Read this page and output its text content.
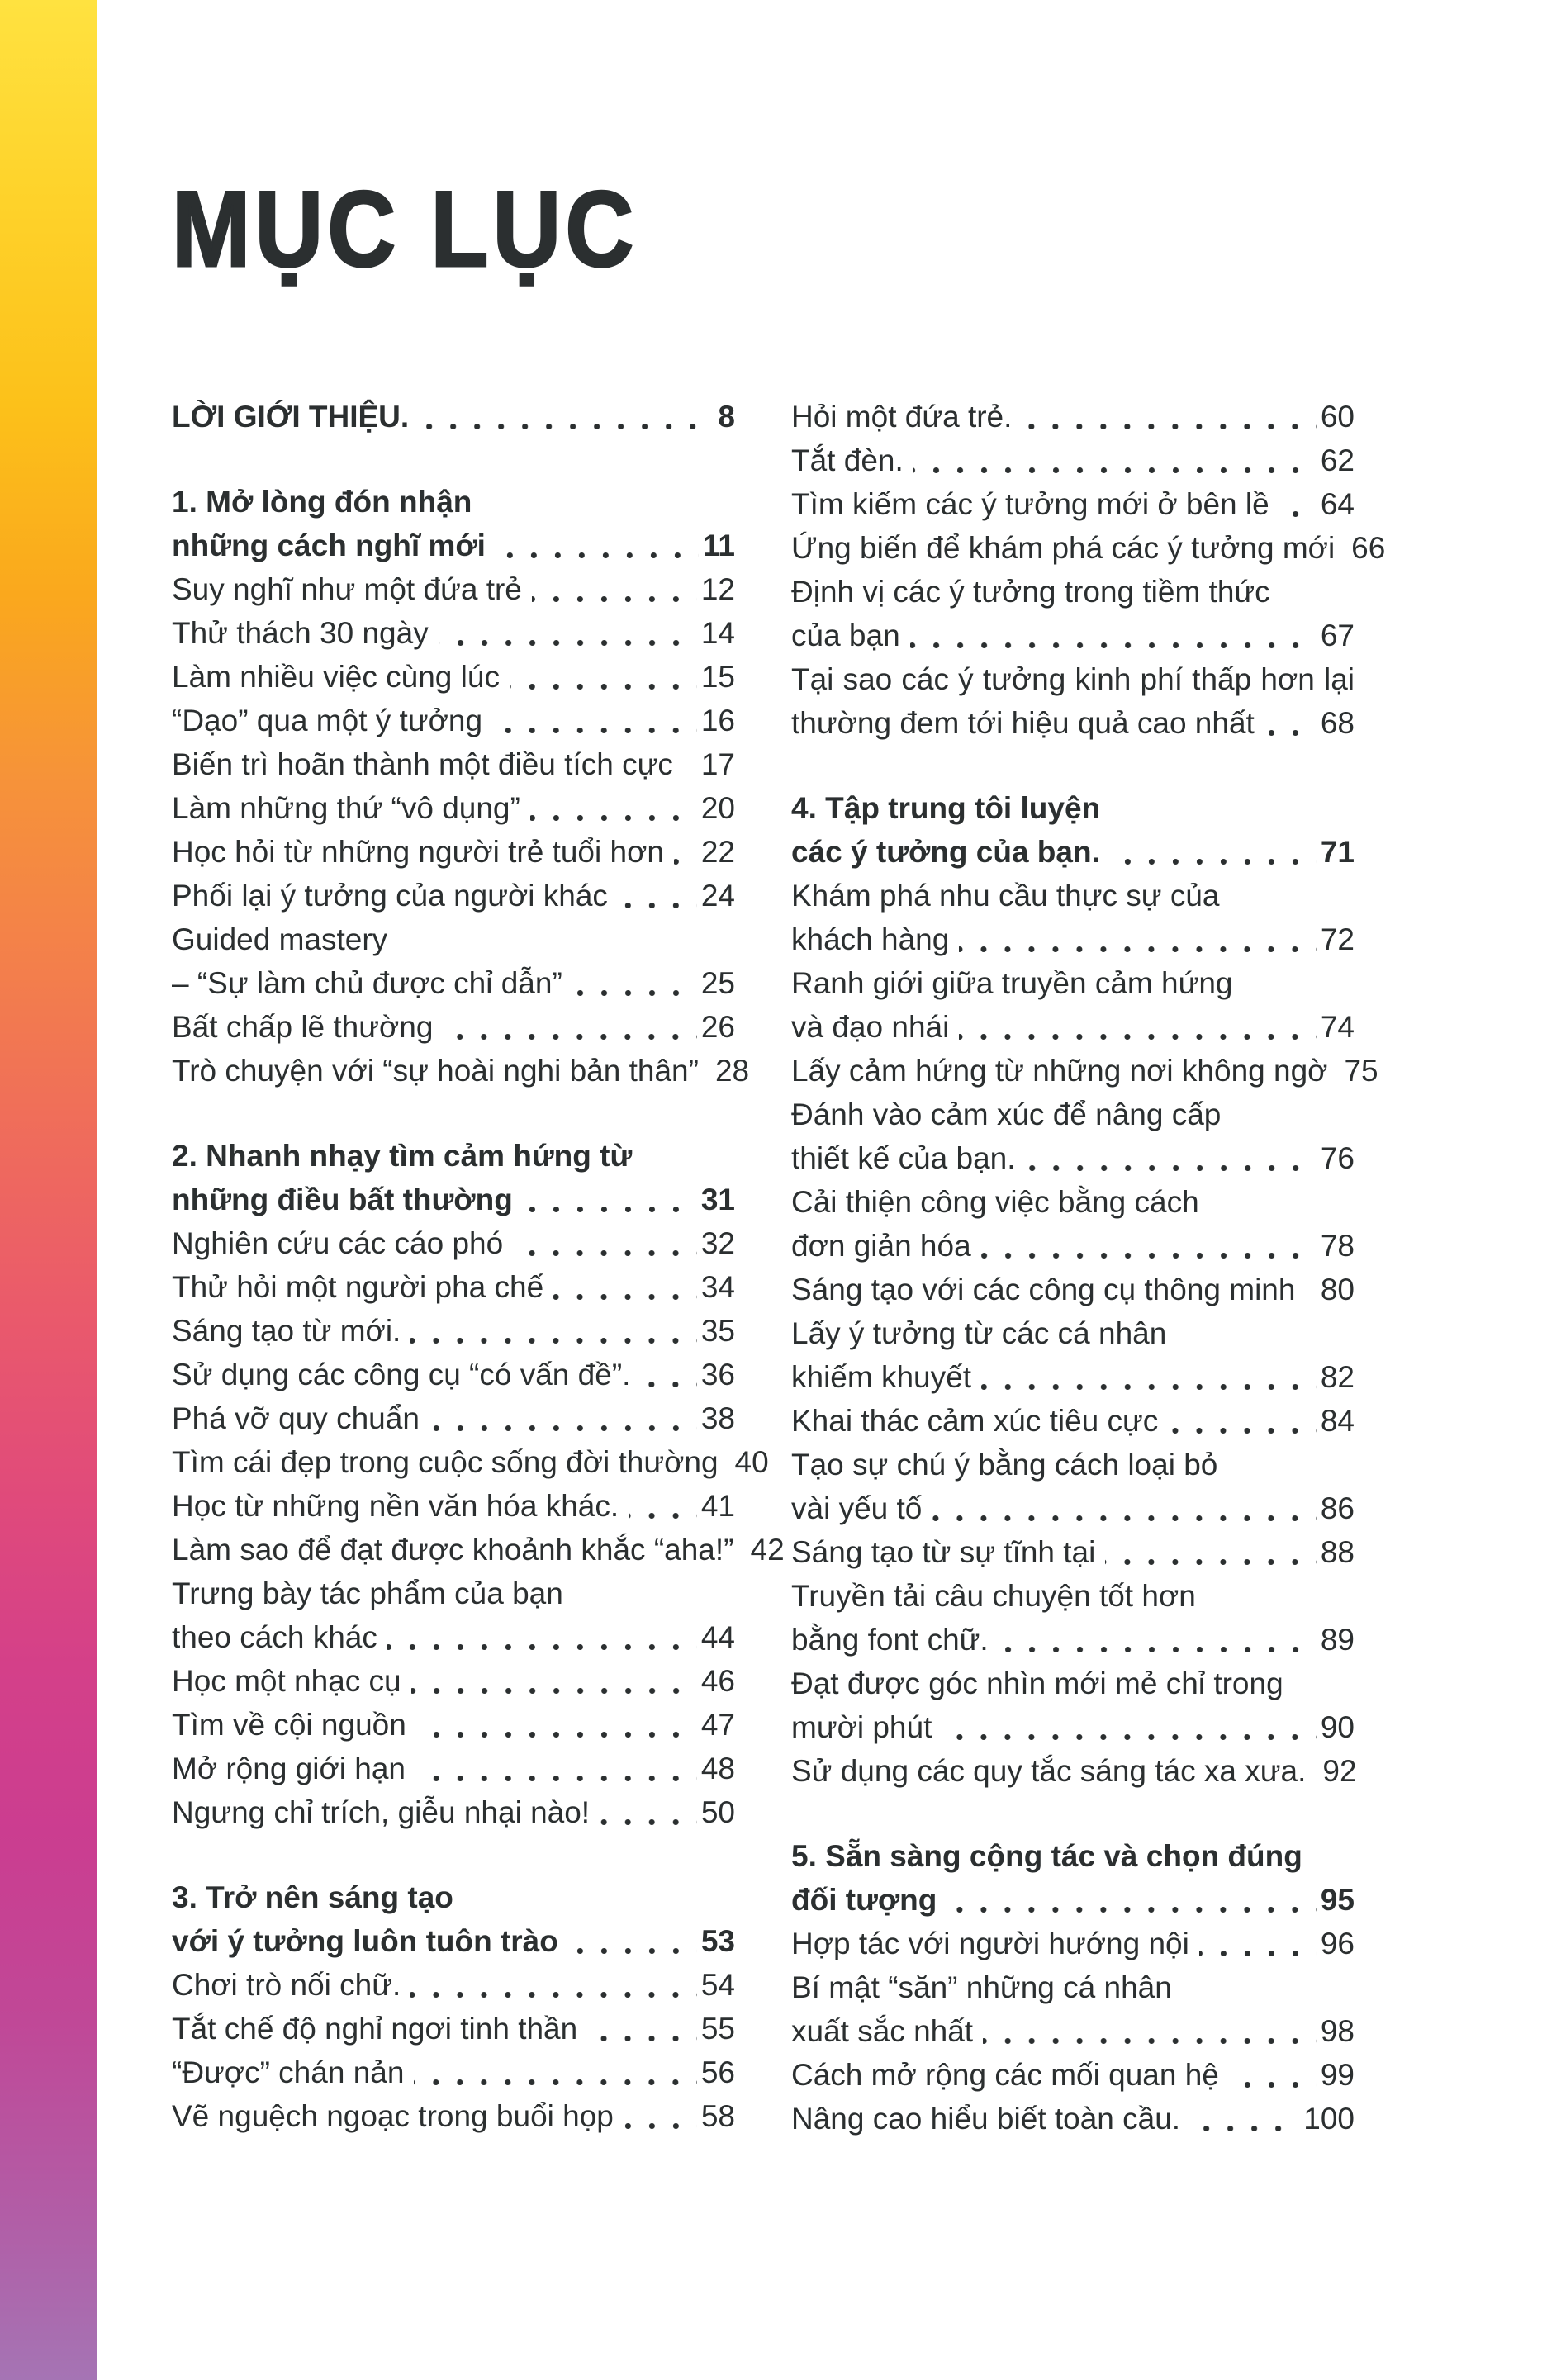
MỤC LỤC
LỜI GIỚI THIỆU.	8
1. Mở lòng đón nhận
những cách nghĩ mới	11
Suy nghĩ như một đứa trẻ	12
Thử thách 30 ngày	14
Làm nhiều việc cùng lúc	15
“Dạo” qua một ý tưởng	16
Biến trì hoãn thành một điều tích cực 17
Làm những thứ “vô dụng”	20
Học hỏi từ những người trẻ tuổi hơn 22
Phối lại ý tưởng của người khác	24
Guided mastery
– “Sự làm chủ được chỉ dẫn”	25
Bất chấp lẽ thường	26
Trò chuyện với “sự hoài nghi bản thân” 28
2. Nhanh nhạy tìm cảm hứng từ
những điều bất thường	31
Nghiên cứu các cáo phó	32
Thử hỏi một người pha chế	34
Sáng tạo từ mới.	35
Sử dụng các công cụ “có vấn đề”. 36
Phá vỡ quy chuẩn	38
Tìm cái đẹp trong cuộc sống đời thường 40
Học từ những nền văn hóa khác.	41
Làm sao để đạt được khoảnh khắc “aha!” 42
Trưng bày tác phẩm của bạn
theo cách khác	44
Học một nhạc cụ	46
Tìm về cội nguồn	47
Mở rộng giới hạn	48
Ngưng chỉ trích, giễu nhại nào!	50
3. Trở nên sáng tạo
với ý tưởng luôn tuôn trào	53
Chơi trò nối chữ.	54
Tắt chế độ nghỉ ngơi tinh thần	55
“Được” chán nản	56
Vẽ nguệch ngoạc trong buổi họp	58
Hỏi một đứa trẻ.	60
Tắt đèn.	62
Tìm kiếm các ý tưởng mới ở bên lề 64
Ứng biến để khám phá các ý tưởng mới 66
Định vị các ý tưởng trong tiềm thức
của bạn	67
Tại sao các ý tưởng kinh phí thấp hơn lại
thường đem tới hiệu quả cao nhất 68
4. Tập trung tôi luyện
các ý tưởng của bạn.	71
Khám phá nhu cầu thực sự của
khách hàng	72
Ranh giới giữa truyền cảm hứng
và đạo nhái	74
Lấy cảm hứng từ những nơi không ngờ 75
Đánh vào cảm xúc để nâng cấp
thiết kế của bạn.	76
Cải thiện công việc bằng cách
đơn giản hóa	78
Sáng tạo với các công cụ thông minh 80
Lấy ý tưởng từ các cá nhân
khiếm khuyết	82
Khai thác cảm xúc tiêu cực	84
Tạo sự chú ý bằng cách loại bỏ
vài yếu tố	86
Sáng tạo từ sự tĩnh tại	88
Truyền tải câu chuyện tốt hơn
bằng font chữ.	89
Đạt được góc nhìn mới mẻ chỉ trong
mười phút	90
Sử dụng các quy tắc sáng tác xa xưa. 92
5. Sẵn sàng cộng tác và chọn đúng
đối tượng	95
Hợp tác với người hướng nội	96
Bí mật “săn” những cá nhân
xuất sắc nhất	98
Cách mở rộng các mối quan hệ	99
Nâng cao hiểu biết toàn cầu.	100
